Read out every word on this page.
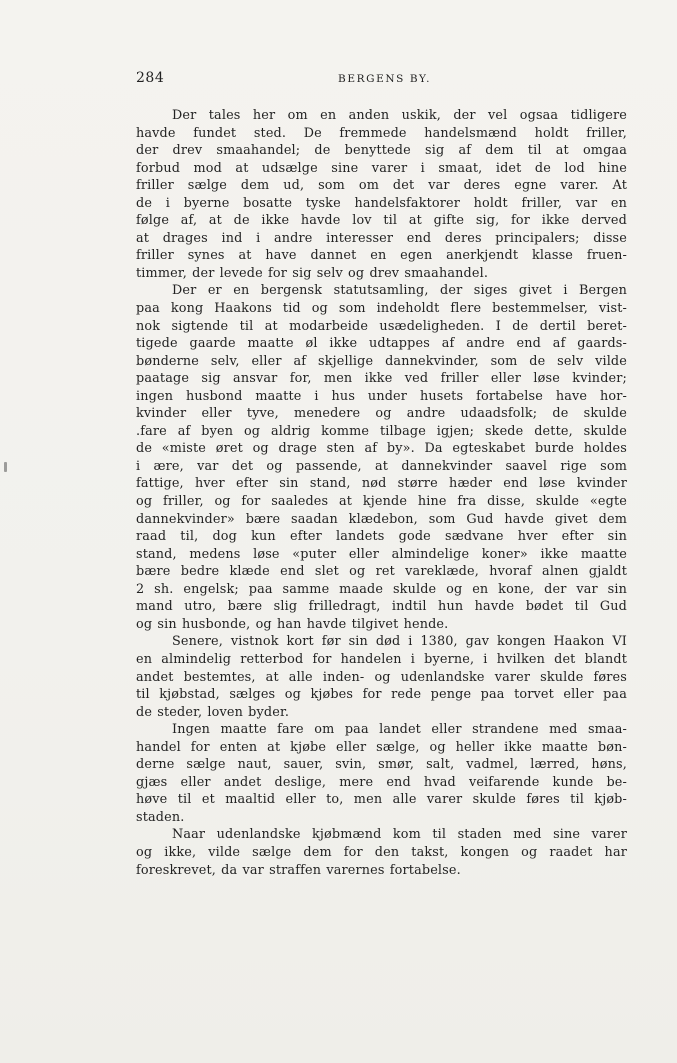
284	BERGENS BY.
Der tales her om en anden uskik, der vel ogsaa tidligere
havde fundet sted. De fremmede handelsmænd holdt friller,
der drev smaahandel; de benyttede sig af dem til at omgaa
forbud mod at udsælge sine varer i smaat, idet de lod hine
friller sælge dem ud, som om det var deres egne varer. At
de i byerne bosatte tyske handelsfaktorer holdt friller, var en
følge af, at de ikke havde lov til at gifte sig, for ikke derved
at drages ind i andre interesser end deres principalers; disse
friller synes at have dannet en egen anerkjendt klasse fruen-
timmer, der levede for sig selv og drev smaahandel.
Der er en bergensk statutsamling, der siges givet i Bergen
paa kong Haakons tid og som indeholdt flere bestemmelser, vist-
nok sigtende til at modarbeide usædeligheden. I de dertil beret-
tigede gaarde maatte øl ikke udtappes af andre end af gaards-
bønderne selv, eller af skjellige dannekvinder, som de selv vilde
paatage sig ansvar for, men ikke ved friller eller løse kvinder;
ingen husbond maatte i hus under husets fortabelse have hor-
kvinder eller tyve, menedere og andre udaadsfolk; de skulde
.fare af byen og aldrig komme tilbage igjen; skede dette, skulde
de «miste øret og drage sten af by». Da egteskabet burde holdes
i ære, var det og passende, at dannekvinder saavel rige som
fattige, hver efter sin stand, nød større hæder end løse kvinder
og friller, og for saaledes at kjende hine fra disse, skulde «egte
dannekvinder» bære saadan klædebon, som Gud havde givet dem
raad til, dog kun efter landets gode sædvane hver efter sin
stand, medens løse «puter eller almindelige koner» ikke maatte
bære bedre klæde end slet og ret vareklæde, hvoraf alnen gjaldt
2 sh. engelsk; paa samme maade skulde og en kone, der var sin
mand utro, bære slig frilledragt, indtil hun havde bødet til Gud
og sin husbonde, og han havde tilgivet hende.
Senere, vistnok kort før sin død i 1380, gav kongen Haakon VI
en almindelig retterbod for handelen i byerne, i hvilken det blandt
andet bestemtes, at alle inden- og udenlandske varer skulde føres
til kjøbstad, sælges og kjøbes for rede penge paa torvet eller paa
de steder, loven byder.
Ingen maatte fare om paa landet eller strandene med smaa-
handel for enten at kjøbe eller sælge, og heller ikke maatte bøn-
derne sælge naut, sauer, svin, smør, salt, vadmel, lærred, høns,
gjæs eller andet deslige, mere end hvad veifarende kunde be-
høve til et maaltid eller to, men alle varer skulde føres til kjøb-
staden.
Naar udenlandske kjøbmænd kom til staden med sine varer
og ikke, vilde sælge dem for den takst, kongen og raadet har
foreskrevet, da var straffen varernes fortabelse.
